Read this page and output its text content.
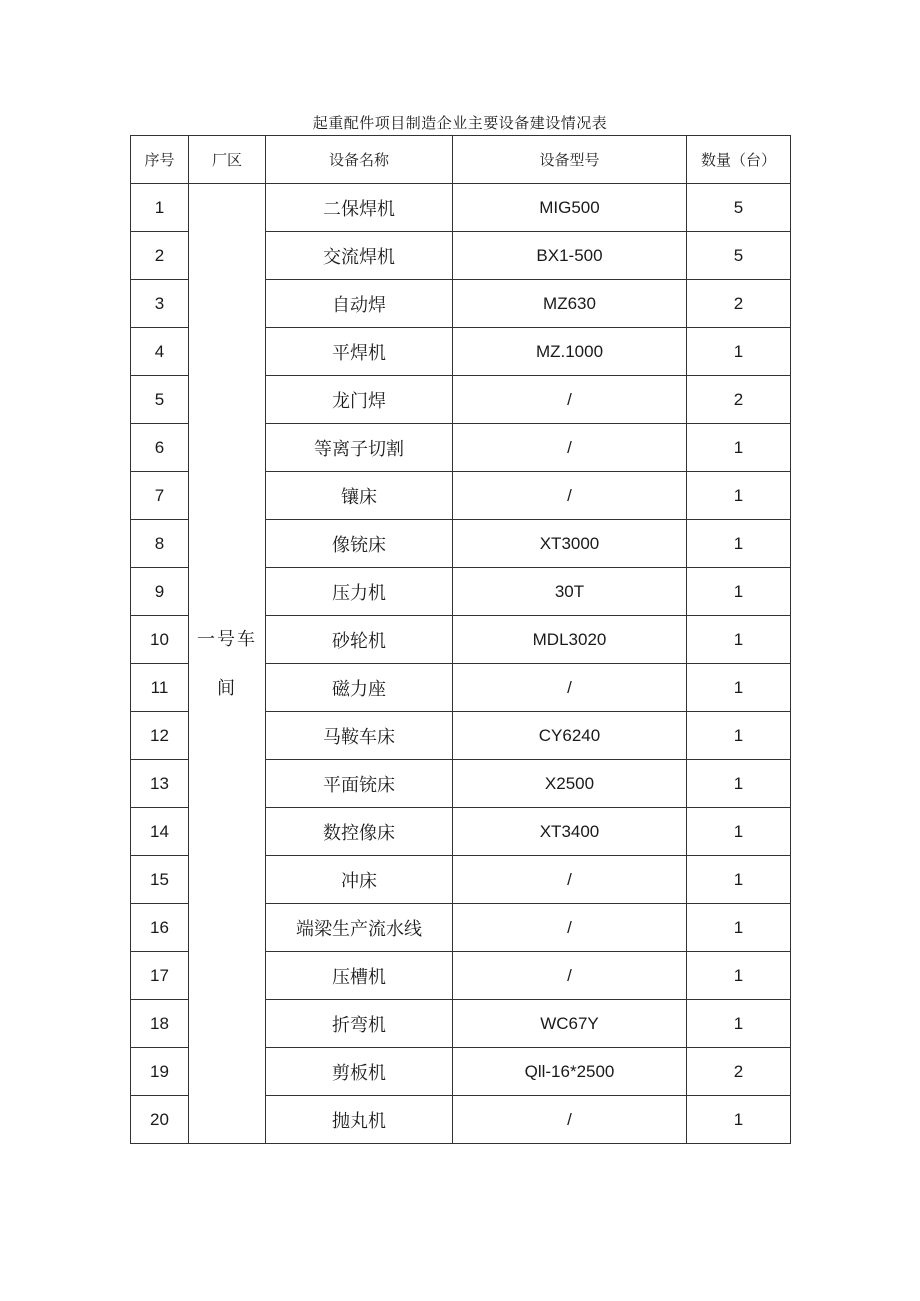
起重配件项目制造企业主要设备建设情况表
序号	厂区	设备名称	设备型号	数量（台）
1	一号车间	二保焊机	MIG500	5
2		交流焊机	BX1-500	5
3		自动焊	MZ630	2
4		平焊机	MZ.1000	1
5		龙门焊	/	2
6		等离子切割	/	1
7		镶床	/	1
8		像铳床	XT3000	1
9		压力机	30T	1
10		砂轮机	MDL3020	1
11		磁力座	/	1
12		马鞍车床	CY6240	1
13		平面铳床	X2500	1
14		数控像床	XT3400	1
15		冲床	/	1
16		端梁生产流水线	/	1
17		压槽机	/	1
18		折弯机	WC67Y	1
19		剪板机	Qll-16*2500	2
20		抛丸机	/	1
